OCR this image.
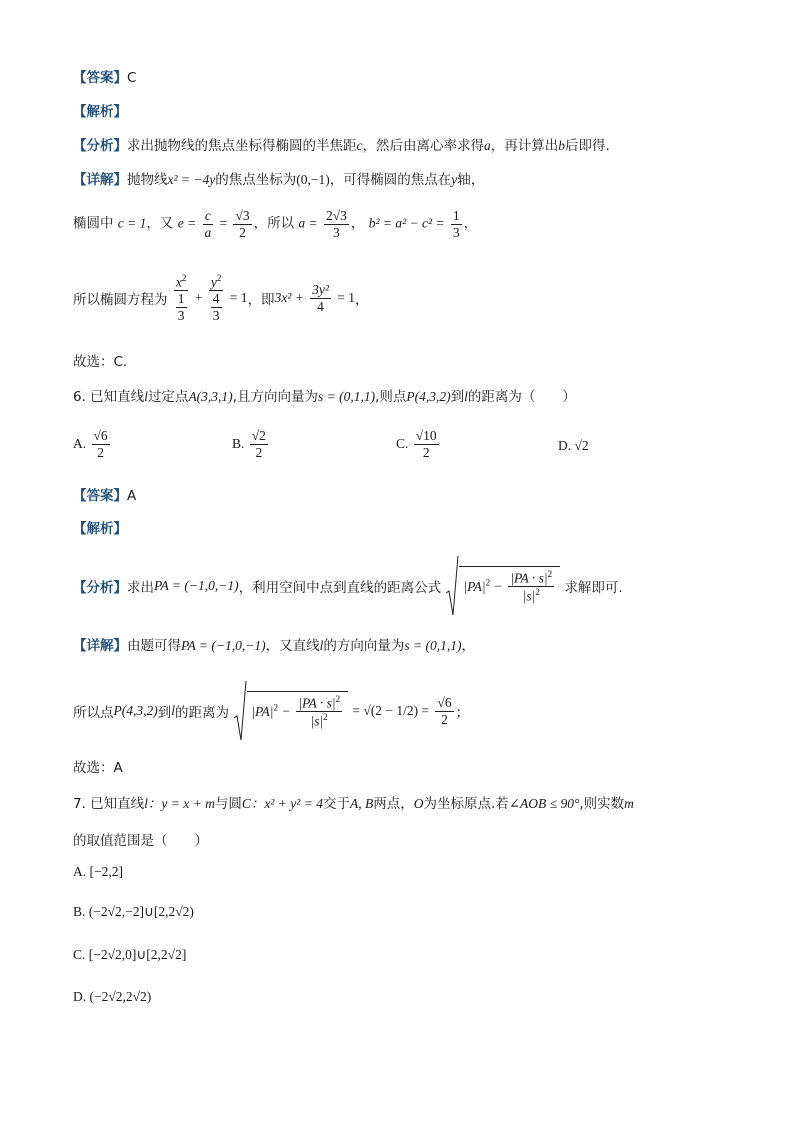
【答案】C
【解析】
【分析】求出抛物线的焦点坐标得椭圆的半焦距c，然后由离心率求得a，再计算出b后即得．
【详解】抛物线x² = −4y的焦点坐标为(0,−1)，可得椭圆的焦点在y轴，
椭圆中 c = 1，又 $e = \frac{c}{a} = \frac{√3}{2}$ ，所以 $a = \frac{2√3}{3}$ ， $b^2 = a^2 - c^2 = \frac{1}{3}$ ，
所以椭圆方程为 $\frac{x^2}{\frac{1}{3}} + \frac{y^2}{\frac{4}{3}} = 1$，即$3x^2 + \frac{\text{3y²}}{4} = 1$，
故选：C．
6. 已知直线l过定点A(3,3,1),且方向向量为s = (0,1,1),则点P(4,3,2)到l的距离为（　　）
A. $\frac{√6}{2}$	B. $\frac{√2}{2}$	C. $\frac{√10}{2}$	D. √2
【答案】A
【解析】
【分析】求出PA = (−1,0,−1)，利用空间中点到直线的距离公式 $|PA|^2 - \frac{|PA \cdot s|^2}{|s|^2}$ 求解即可.
【详解】由题可得PA = (−1,0,−1)，又直线l的方向向量为s = (0,1,1)，
所以点P(4,3,2)到l的距离为 $|PA|^2 - \frac{|PA \cdot s|^2}{|s|^2} = √(2 - 1/2) = \frac{√6}{2}$ ；
故选：A
7. 已知直线l：y = x + m与圆C：x² + y² = 4交于A, B两点，O为坐标原点.若∠AOB ≤ 90°,则实数m
的取值范围是（　　）
A. [−2,2]
B. (−2√2,−2]∪[2,2√2)
C. [−2√2,0]∪[2,2√2]
D. (−2√2,2√2)
